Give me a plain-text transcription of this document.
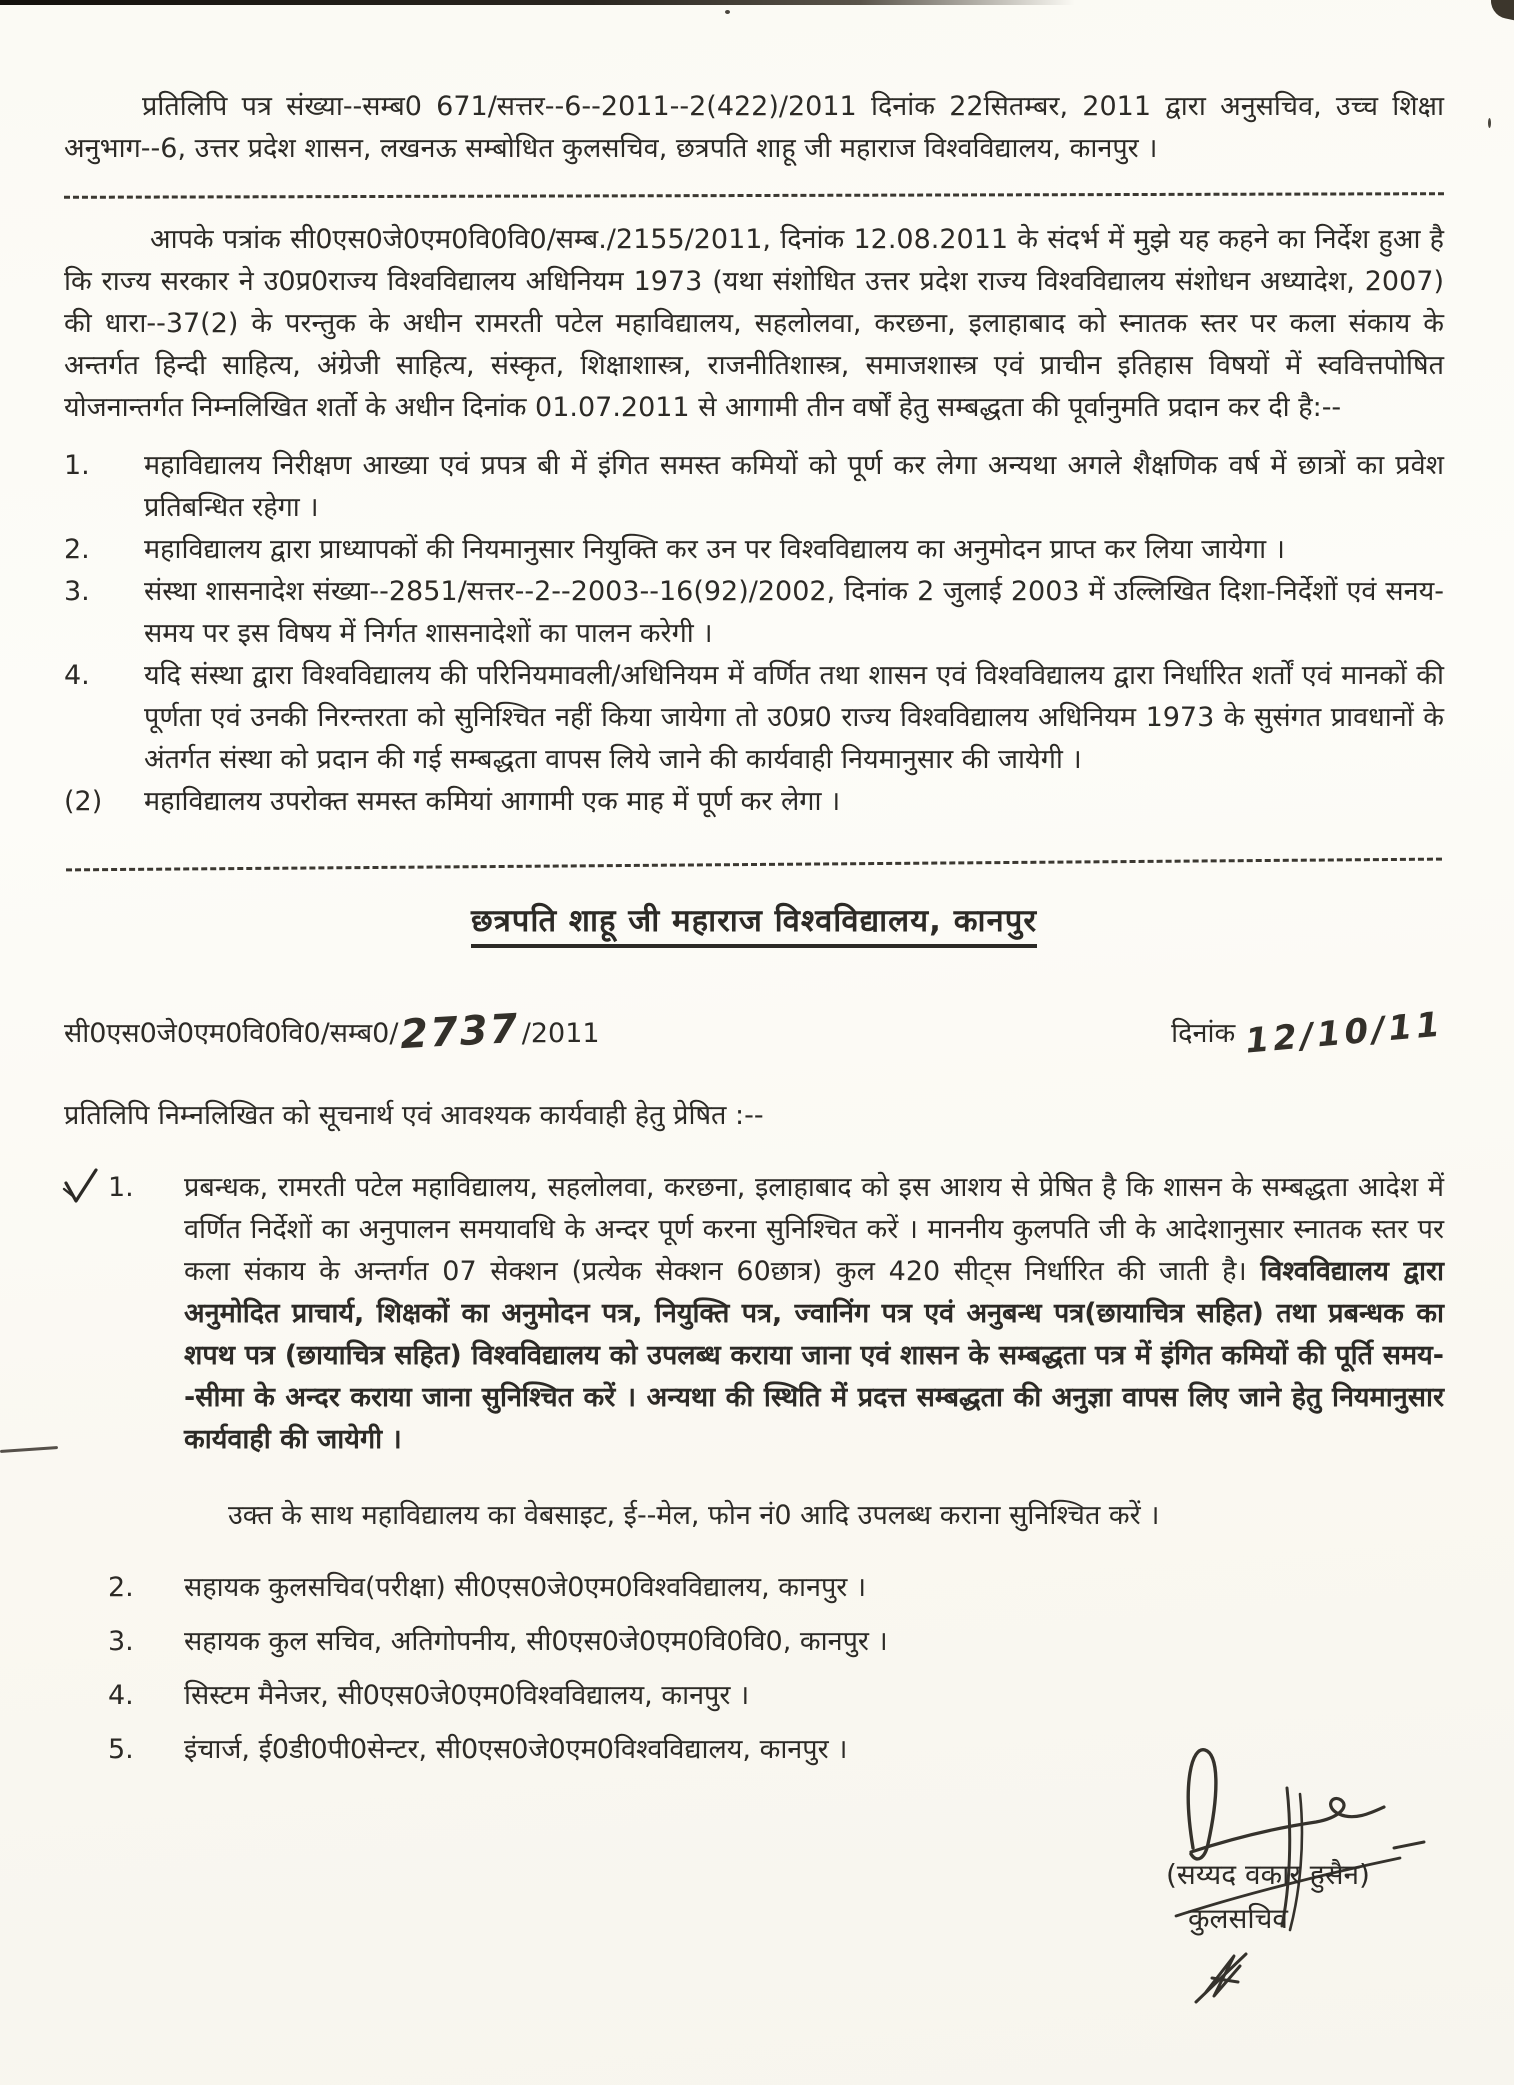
प्रतिलिपि पत्र संख्या--सम्ब0 671/सत्तर--6--2011--2(422)/2011 दिनांक 22सितम्बर, 2011 द्वारा अनुसचिव, उच्च शिक्षा अनुभाग--6, उत्तर प्रदेश शासन, लखनऊ सम्बोधित कुलसचिव, छत्रपति शाहू जी महाराज विश्वविद्यालय, कानपुर ।

आपके पत्रांक सी0एस0जे0एम0वि0वि0/सम्ब./2155/2011, दिनांक 12.08.2011 के संदर्भ में मुझे यह कहने का निर्देश हुआ है कि राज्य सरकार ने उ0प्र0राज्य विश्वविद्यालय अधिनियम 1973 (यथा संशोधित उत्तर प्रदेश राज्य विश्वविद्यालय संशोधन अध्यादेश, 2007) की धारा--37(2) के परन्तुक के अधीन रामरती पटेल महाविद्यालय, सहलोलवा, करछना, इलाहाबाद को स्नातक स्तर पर कला संकाय के अन्तर्गत हिन्दी साहित्य, अंग्रेजी साहित्य, संस्कृत, शिक्षाशास्त्र, राजनीतिशास्त्र, समाजशास्त्र एवं प्राचीन इतिहास विषयों में स्ववित्तपोषित योजनान्तर्गत निम्नलिखित शर्तो के अधीन दिनांक 01.07.2011 से आगामी तीन वर्षों हेतु सम्बद्धता की पूर्वानुमति प्रदान कर दी है:--

1.	महाविद्यालय निरीक्षण आख्या एवं प्रपत्र बी में इंगित समस्त कमियों को पूर्ण कर लेगा अन्यथा अगले शैक्षणिक वर्ष में छात्रों का प्रवेश प्रतिबन्धित रहेगा ।
2.	महाविद्यालय द्वारा प्राध्यापकों की नियमानुसार नियुक्ति कर उन पर विश्वविद्यालय का अनुमोदन प्राप्त कर लिया जायेगा ।
3.	संस्था शासनादेश संख्या--2851/सत्तर--2--2003--16(92)/2002, दिनांक 2 जुलाई 2003 में उल्लिखित दिशा-निर्देशों एवं सनय-समय पर इस विषय में निर्गत शासनादेशों का पालन करेगी ।
4.	यदि संस्था द्वारा विश्वविद्यालय की परिनियमावली/अधिनियम में वर्णित तथा शासन एवं विश्वविद्यालय द्वारा निर्धारित शर्तों एवं मानकों की पूर्णता एवं उनकी निरन्तरता को सुनिश्चित नहीं किया जायेगा तो उ0प्र0 राज्य विश्वविद्यालय अधिनियम 1973 के सुसंगत प्रावधानों के अंतर्गत संस्था को प्रदान की गई सम्बद्धता वापस लिये जाने की कार्यवाही नियमानुसार की जायेगी ।
(2)	महाविद्यालय उपरोक्त समस्त कमियां आगामी एक माह में पूर्ण कर लेगा ।
छत्रपति शाहू जी महाराज विश्वविद्यालय, कानपुर
सी0एस0जे0एम0वि0वि0/सम्ब0/2737/2011	दिनांक 12/10/11

प्रतिलिपि निम्नलिखित को सूचनार्थ एवं आवश्यक कार्यवाही हेतु प्रेषित :--

1.	प्रबन्धक, रामरती पटेल महाविद्यालय, सहलोलवा, करछना, इलाहाबाद को इस आशय से प्रेषित है कि शासन के सम्बद्धता आदेश में वर्णित निर्देशों का अनुपालन समयावधि के अन्दर पूर्ण करना सुनिश्चित करें । माननीय कुलपति जी के आदेशानुसार स्नातक स्तर पर कला संकाय के अन्तर्गत 07 सेक्शन (प्रत्येक सेक्शन 60छात्र) कुल 420 सीट्स निर्धारित की जाती है। विश्वविद्यालय द्वारा अनुमोदित प्राचार्य, शिक्षकों का अनुमोदन पत्र, नियुक्ति पत्र, ज्वानिंग पत्र एवं अनुबन्ध पत्र(छायाचित्र सहित) तथा प्रबन्धक का शपथ पत्र (छायाचित्र सहित) विश्वविद्यालय को उपलब्ध कराया जाना एवं शासन के सम्बद्धता पत्र में इंगित कमियों की पूर्ति समय--सीमा के अन्दर कराया जाना सुनिश्चित करें । अन्यथा की स्थिति में प्रदत्त सम्बद्धता की अनुज्ञा वापस लिए जाने हेतु नियमानुसार कार्यवाही की जायेगी ।

उक्त के साथ महाविद्यालय का वेबसाइट, ई--मेल, फोन नं0 आदि उपलब्ध कराना सुनिश्चित करें ।

2.	सहायक कुलसचिव(परीक्षा) सी0एस0जे0एम0विश्वविद्यालय, कानपुर ।
3.	सहायक कुल सचिव, अतिगोपनीय, सी0एस0जे0एम0वि0वि0, कानपुर ।
4.	सिस्टम मैनेजर, सी0एस0जे0एम0विश्वविद्यालय, कानपुर ।
5.	इंचार्ज, ई0डी0पी0सेन्टर, सी0एस0जे0एम0विश्वविद्यालय, कानपुर ।
(सय्यद वकार हुसैन)
कुलसचिव
